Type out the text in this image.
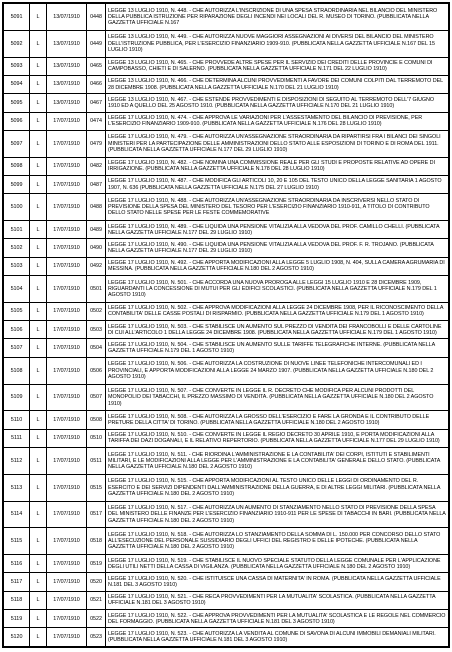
5091	L	13/07/1910	0448	LEGGE 13 LUGLIO 1910, N. 448. - CHE AUTORIZZA L'INSCRIZIONE DI UNA SPESA STRAORDINARIA NEL BILANCIO DEL MINISTERO DELLA PUBBLICA ISTRUZIONE PER RIPARAZIONE DEGLI INCENDI NEI LOCALI DEL R. MUSEO DI TORINO. (PUBBLICATA NELLA GAZZETTA UFFICIALE N.167
5092	L	13/07/1910	0449	LEGGE 13 LUGLIO 1910, N. 449. - CHE AUTORIZZA NUOVE MAGGIORI ASSEGNAZIONI AI DIVERSI DEL BILANCIO DEL MINISTERO DELL'ISTRUZIONE PUBBLICA, PER L'ESERCIZIO FINANZIARIO 1909-910. (PUBBLICATA NELLA GAZZETTA UFFICIALE N.167 DEL 15 LUGLIO 1910)
5093	L	13/07/1910	0465	LEGGE 13 LUGLIO 1910, N. 465. - CHE PROVVEDE ALTRE SPESE PER IL SERVIZIO DEI CREDITI DELLE PROVINCIE E COMUNI DI CAMPOBASSO, CHIETI E DI SALERNO. (PUBBLICATA NELLA GAZZETTA UFFICIALE N.171 DEL 22 LUGLIO 1910)
5094	L	13/07/1910	0466	LEGGE 13 LUGLIO 1910, N. 466. - CHE DETERMINA ALCUNI PROVVEDIMENTI A FAVORE DEI COMUNI COLPITI DAL TERREMOTO DEL 28 DICEMBRE 1908. (PUBBLICATA NELLA GAZZETTA UFFICIALE N.170 DEL 21 LUGLIO 1910)
5095	L	13/07/1910	0467	LEGGE 13 LUGLIO 1910, N. 467. - CHE ESTENDE PROVVEDIMENTI E DISPOSIZIONI DI SEGUITO AL TERREMOTO DELL'7 GIUGNO 1910 ED A QUELLO DEL 25 AGOSTO 1910. (PUBBLICATA NELLA GAZZETTA UFFICIALE N.170 DEL 21 LUGLIO 1910)
5096	L	17/07/1910	0474	LEGGE 17 LUGLIO 1910, N. 474. - CHE APPROVA LE VARIAZIONI PER L'ASSESTAMENTO DEL BILANCIO DI PREVISIONE, PER L'ESERCIZIO FINANZIARIO 1909-910. (PUBBLICATA NELLA GAZZETTA UFFICIALE N.176 DEL 28 LUGLIO 1910)
5097	L	17/07/1910	0479	LEGGE 17 LUGLIO 1910, N. 479. - CHE AUTORIZZA UN'ASSEGNAZIONE STRAORDINARIA DA RIPARTIRSI FRA I BILANCI DEI SINGOLI MINISTERI PER LA PARTECIPAZIONE DELLE AMMINISTRAZIONI DELLO STATO ALLE ESPOSIZIONI DI TORINO E DI ROMA DEL 1911. (PUBBLICATA NELLA GAZZETTA UFFICIALE N.177 DEL 29 LUGLIO 1910)
5098	L	17/07/1910	0482	LEGGE 17 LUGLIO 1910, N. 482. - CHE NOMINA UNA COMMISSIONE REALE PER GLI STUDI E PROPOSTE RELATIVE AD OPERE DI IRRIGAZIONE. (PUBBLICATA NELLA GAZZETTA UFFICIALE N.178 DEL 28 LUGLIO 1910)
5099	L	17/07/1910	0487	LEGGE 17 LUGLIO 1910, N. 487. - CHE MODIFICA GLI ARTICOLI 10, 20 E 105 DEL TESTO UNICO DELLA LEGGE SANITARIA 1 AGOSTO 1907, N. 636 (PUBBLICATA NELLA GAZZETTA UFFICIALE N.175 DEL 27 LUGLIO 1910)
5100	L	17/07/1910	0488	LEGGE 17 LUGLIO 1910, N. 488. - CHE AUTORIZZA UN'ASSEGNAZIONE STRAORDINARIA DA INSCRIVERSI NELLO STATO DI PREVISIONE DELLA SPESA DEL MINISTERO DEL TESORO PER L'ESERCIZIO FINANZIARIO 1910-911, A TITOLO DI CONTRIBUTO DELLO STATO NELLE SPESE PER LE FESTE COMMEMORATIVE
5101	L	17/07/1910	0489	LEGGE 17 LUGLIO 1910, N. 489. - CHE LIQUIDA UNA PENSIONE VITALIZIA ALLA VEDOVA DEL PROF. CAMILLO CHELLI. (PUBBLICATA NELLA GAZZETTA UFFICIALE N.177 DEL 29 LUGLIO 1910)
5102	L	17/07/1910	0490	LEGGE 17 LUGLIO 1910, N. 490. - CHE LIQUIDA UNA PENSIONE VITALIZIA ALLA VEDOVA DEL PROF. F. R. TROJANO. (PUBBLICATA NELLA GAZZETTA UFFICIALE N.177 DEL 29 LUGLIO 1910)
5103	L	17/07/1910	0492	LEGGE 17 LUGLIO 1910, N. 492. - CHE APPORTA MODIFICAZIONI ALLA LEGGE 5 LUGLIO 1908, N. 404, SULLA CAMERA AGRUMARIA DI MESSINA. (PUBBLICATA NELLA GAZZETTA UFFICIALE N.180 DEL 2 AGOSTO 1910)
5104	L	17/07/1910	0501	LEGGE 17 LUGLIO 1910, N. 501. - CHE ACCORDA UNA NUOVA PROROGA ALLE LEGGI 15 LUGLIO 1910 E 28 DICEMBRE 1909, RIGUARDANTI LA CONCESSIONE DI MUTUI PER GLI EDIFICI SCOLASTICI. (PUBBLICATA NELLA GAZZETTA UFFICIALE N.179 DEL 1 AGOSTO 1910)
5105	L	17/07/1910	0502	LEGGE 17 LUGLIO 1910, N. 502. - CHE APPROVA MODIFICAZIONI ALLA LEGGE 24 DICEMBRE 1908, PER IL RICONOSCIMENTO DELLA CONTABILITA' DELLE CASSE POSTALI DI RISPARMIO. (PUBBLICATA NELLA GAZZETTA UFFICIALE N.179 DEL 1 AGOSTO 1910)
5106	L	17/07/1910	0503	LEGGE 17 LUGLIO 1910, N. 503. - CHE STABILISCE UN AUMENTO SUL PREZZO DI VENDITA DEI FRANCOBOLLI E DELLE CARTOLINE DI CUI ALL'ARTICOLO 1 DELLA LEGGE 24 DICEMBRE 1908. (PUBBLICATA NELLA GAZZETTA UFFICIALE N.179 DEL 1 AGOSTO 1910)
5107	L	17/07/1910	0504	LEGGE 17 LUGLIO 1910, N. 504. - CHE STABILISCE UN AUMENTO SULLE TARIFFE TELEGRAFICHE INTERNE. (PUBBLICATA NELLA GAZZETTA UFFICIALE N.179 DEL 1 AGOSTO 1910)
5108	L	17/07/1910	0506	LEGGE 17 LUGLIO 1910, N. 506. - CHE AUTORIZZA LA COSTRUZIONE DI NUOVE LINEE TELEFONICHE INTERCOMUNALI ED I PROVINCIALI, E APPORTA MODIFICAZIONI ALLA LEGGE 24 MARZO 1907. (PUBBLICATA NELLA GAZZETTA UFFICIALE N.180 DEL 2 AGOSTO 1910)
5109	L	17/07/1910	0507	LEGGE 17 LUGLIO 1910, N. 507. - CHE CONVERTE IN LEGGE IL R. DECRETO CHE MODIFICA PER ALCUNI PRODOTTI DEL MONOPOLIO DEI TABACCHI, IL PREZZO MASSIMO DI VENDITA. (PUBBLICATA NELLA GAZZETTA UFFICIALE N.180 DEL 2 AGOSTO 1910)
5110	L	17/07/1910	0508	LEGGE 17 LUGLIO 1910, N. 508. - CHE AUTORIZZA LA GROSSO DELL'ESERCIZIO E FARE LA GRONDA E IL CONTRIBUTO DELLE PRETURE DELLA CITTA' DI TORINO. (PUBBLICATA NELLA GAZZETTA UFFICIALE N.180 DEL 2 AGOSTO 1910)
5111	L	17/07/1910	0510	LEGGE 17 LUGLIO 1910, N. 510. - CHE CONVERTE IN LEGGE IL REGIO DECRETO 30 APRILE 1910, E PORTA MODIFICAZIONI ALLA TARIFFA DEI DAZI DOGANALI, E IL RELATIVO REPERTORIO. (PUBBLICATA NELLA GAZZETTA UFFICIALE N.177 DEL 29 LUGLIO 1910)
5112	L	17/07/1910	0511	LEGGE 17 LUGLIO 1910, N. 511. - CHE RIORDINA L'AMMINISTRAZIONE E LA CONTABILITA' DEI CORPI, ISTITUTI E STABILIMENTI MILITARI, E LE MODIFICAZIONI ALLA LEGGE PER L'AMMINISTRAZIONE E LA CONTABILITA' GENERALE DELLO STATO. (PUBBLICATA NELLA GAZZETTA UFFICIALE N.180 DEL 2 AGOSTO 1910)
5113	L	17/07/1910	0515	LEGGE 17 LUGLIO 1910, N. 515. - CHE APPORTA MODIFICAZIONI AL TESTO UNICO DELLE LEGGI DI ORDINAMENTO DEL R. ESERCITO E DEI SERVIZI DIPENDENTI DALL'AMMINISTRAZIONE DELLA GUERRA, E DI ALTRE LEGGI MILITARI. (PUBBLICATA NELLA GAZZETTA UFFICIALE N.180 DEL 2 AGOSTO 1910)
5114	L	17/07/1910	0517	LEGGE 17 LUGLIO 1910, N. 517. - CHE AUTORIZZA UN AUMENTO DI STANZIAMENTO NELLO STATO DI PREVISIONE DELLA SPESA DEL MINISTERO DELLE FINANZE PER L'ESERCIZIO FINANZIARIO 1910-911 PER LE SPESE DI TABACCHI IN BARI. (PUBBLICATA NELLA GAZZETTA UFFICIALE N.180 DEL 2 AGOSTO 1910)
5115	L	17/07/1910	0518	LEGGE 17 LUGLIO 1910, N. 518. - CHE AUTORIZZA LO STANZIAMENTO DELLA SOMMA DI L. 150.000 PER CONCORSO DELLO STATO ALL'ESECUZIONE DEL PERSONALE SUSSIDIARIO DEGLI UFFICI DEL REGISTRO E DELLE IPOTECHE. (PUBBLICATA NELLA GAZZETTA UFFICIALE N.180 DEL 2 AGOSTO 1910)
5116	L	17/07/1910	0519	LEGGE 17 LUGLIO 1910, N. 519. - CHE STABILISCE IL NUOVO SPECIALE STATUTO DELLA LEGGE COMUNALE PER L'APPLICAZIONE DEGLI UTILI NETTI DELLA CASSA DI VIGILANZA. (PUBBLICATA NELLA GAZZETTA UFFICIALE N.180 DEL 2 AGOSTO 1910)
5117	L	17/07/1910	0520	LEGGE 17 LUGLIO 1910, N. 520. - CHE ISTITUISCE UNA CASSA DI MATERNITA' IN ROMA. (PUBBLICATA NELLA GAZZETTA UFFICIALE N.181 DEL 3 AGOSTO 1910)
5118	L	17/07/1910	0521	LEGGE 17 LUGLIO 1910, N. 521. - CHE RECA PROVVEDIMENTI PER LA MUTUALITA' SCOLASTICA. (PUBBLICATA NELLA GAZZETTA UFFICIALE N.181 DEL 3 AGOSTO 1910)
5119	L	17/07/1910	0522	LEGGE 17 LUGLIO 1910, N. 522. - CHE APPROVA PROVVEDIMENTI PER LA MUTUALITA' SCOLASTICA E LE REGOLE NEL COMMERCIO DEL FORMAGGIO. (PUBBLICATA NELLA GAZZETTA UFFICIALE N.181 DEL 3 AGOSTO 1910)
5120	L	17/07/1910	0523	LEGGE 17 LUGLIO 1910, N. 523. - CHE AUTORIZZA LA VENDITA AL COMUNE DI SAVONA DI ALCUNI IMMOBILI DEMANIALI MILITARI. (PUBBLICATA NELLA GAZZETTA UFFICIALE N.181 DEL 3 AGOSTO 1910)
